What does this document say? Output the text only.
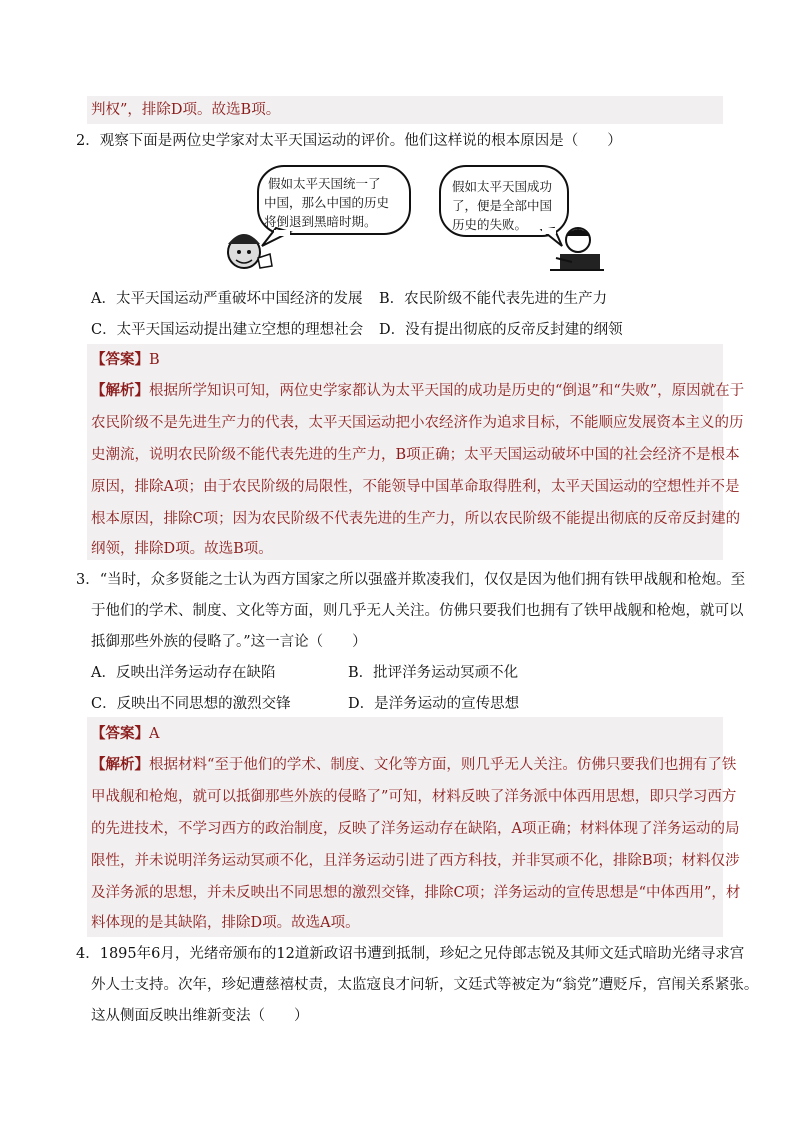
判权”，排除D项。故选B项。
2．观察下面是两位史学家对太平天国运动的评价。他们这样说的根本原因是（　　）
假如太平天国统一了
中国，那么中国的历史
将倒退到黑暗时期。
假如太平天国成功
了，便是全部中国
历史的失败。
A．太平天国运动严重破坏中国经济的发展 B．农民阶级不能代表先进的生产力
C．太平天国运动提出建立空想的理想社会 D．没有提出彻底的反帝反封建的纲领
【答案】B
【解析】根据所学知识可知，两位史学家都认为太平天国的成功是历史的“倒退”和“失败”，原因就在于
农民阶级不是先进生产力的代表，太平天国运动把小农经济作为追求目标，不能顺应发展资本主义的历
史潮流，说明农民阶级不能代表先进的生产力，B项正确；太平天国运动破坏中国的社会经济不是根本
原因，排除A项；由于农民阶级的局限性，不能领导中国革命取得胜利，太平天国运动的空想性并不是
根本原因，排除C项；因为农民阶级不代表先进的生产力，所以农民阶级不能提出彻底的反帝反封建的
纲领，排除D项。故选B项。
3．“当时，众多贤能之士认为西方国家之所以强盛并欺凌我们，仅仅是因为他们拥有铁甲战舰和枪炮。至
于他们的学术、制度、文化等方面，则几乎无人关注。仿佛只要我们也拥有了铁甲战舰和枪炮，就可以
抵御那些外族的侵略了。”这一言论（　　）
A．反映出洋务运动存在缺陷	B．批评洋务运动冥顽不化
C．反映出不同思想的激烈交锋	D．是洋务运动的宣传思想
【答案】A
【解析】根据材料“至于他们的学术、制度、文化等方面，则几乎无人关注。仿佛只要我们也拥有了铁
甲战舰和枪炮，就可以抵御那些外族的侵略了”可知，材料反映了洋务派中体西用思想，即只学习西方
的先进技术，不学习西方的政治制度，反映了洋务运动存在缺陷，A项正确；材料体现了洋务运动的局
限性，并未说明洋务运动冥顽不化，且洋务运动引进了西方科技，并非冥顽不化，排除B项；材料仅涉
及洋务派的思想，并未反映出不同思想的激烈交锋，排除C项；洋务运动的宣传思想是“中体西用”，材
料体现的是其缺陷，排除D项。故选A项。
4．1895年6月，光绪帝颁布的12道新政诏书遭到抵制，珍妃之兄侍郎志锐及其师文廷式暗助光绪寻求宫
外人士支持。次年，珍妃遭慈禧杖责，太监寇良才问斩，文廷式等被定为“翁党”遭贬斥，宫闱关系紧张。
这从侧面反映出维新变法（　　）
